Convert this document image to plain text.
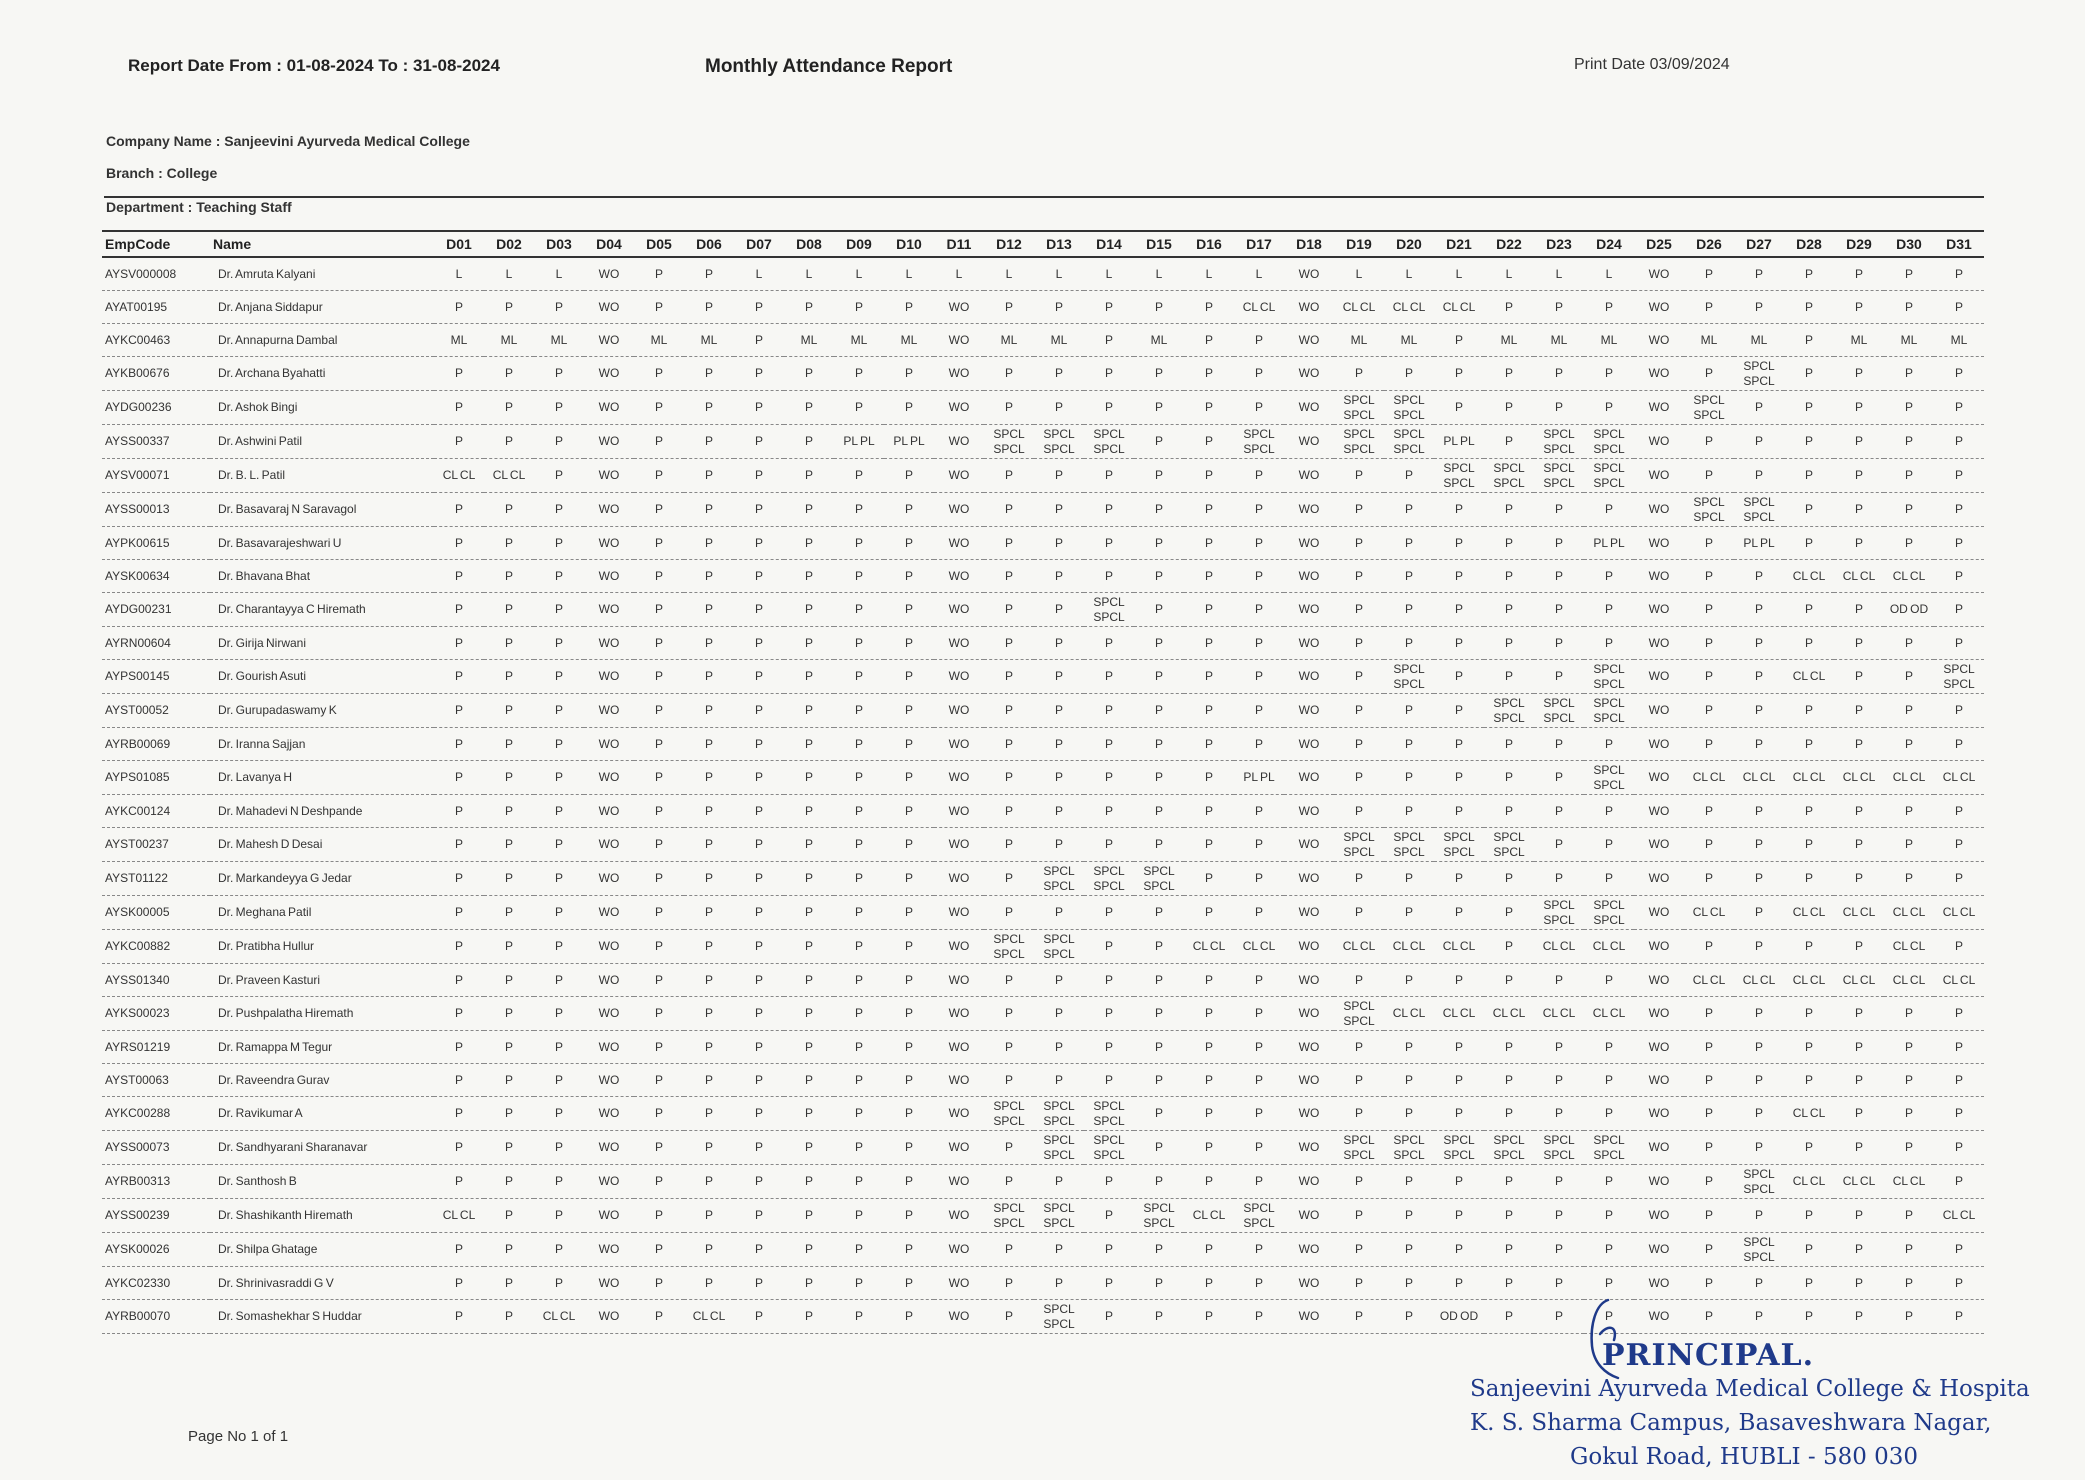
Report Date From : 01-08-2024 To : 31-08-2024	Monthly Attendance Report	Print Date 03/09/2024
Company Name : Sanjeevini Ayurveda Medical College
Branch : College
Department : Teaching Staff
EmpCode	Name	D01	D02	D03	D04	D05	D06	D07	D08	D09	D10	D11	D12	D13	D14	D15	D16	D17	D18	D19	D20	D21	D22	D23	D24	D25	D26	D27	D28	D29	D30	D31
AYSV000008	Dr. Amruta Kalyani	L	L	L	WO	P	P	L	L	L	L	L	L	L	L	L	L	L	WO	L	L	L	L	L	L	WO	P	P	P	P	P	P
AYAT00195	Dr. Anjana Siddapur	P	P	P	WO	P	P	P	P	P	P	WO	P	P	P	P	P	CL CL	WO	CL CL	CL CL	CL CL	P	P	P	WO	P	P	P	P	P	P
AYKC00463	Dr. Annapurna Dambal	ML	ML	ML	WO	ML	ML	P	ML	ML	ML	WO	ML	ML	P	ML	P	P	WO	ML	ML	P	ML	ML	ML	WO	ML	ML	P	ML	ML	ML
AYKB00676	Dr. Archana Byahatti	P	P	P	WO	P	P	P	P	P	P	WO	P	P	P	P	P	P	WO	P	P	P	P	P	P	WO	P	SPCL SPCL	P	P	P	P
AYDG00236	Dr. Ashok Bingi	P	P	P	WO	P	P	P	P	P	P	WO	P	P	P	P	P	P	WO	SPCL SPCL	SPCL SPCL	P	P	P	P	WO	SPCL SPCL	P	P	P	P	P
AYSS00337	Dr. Ashwini Patil	P	P	P	WO	P	P	P	P	PL PL	PL PL	WO	SPCL SPCL	SPCL SPCL	SPCL SPCL	P	P	SPCL SPCL	WO	SPCL SPCL	SPCL SPCL	PL PL	P	SPCL SPCL	SPCL SPCL	WO	P	P	P	P	P	P
AYSV00071	Dr. B. L. Patil	CL CL	CL CL	P	WO	P	P	P	P	P	P	WO	P	P	P	P	P	P	WO	P	P	SPCL SPCL	SPCL SPCL	SPCL SPCL	SPCL SPCL	WO	P	P	P	P	P	P
AYSS00013	Dr. Basavaraj N Saravagol	P	P	P	WO	P	P	P	P	P	P	WO	P	P	P	P	P	P	WO	P	P	P	P	P	P	WO	SPCL SPCL	SPCL SPCL	P	P	P	P
AYPK00615	Dr. Basavarajeshwari U	P	P	P	WO	P	P	P	P	P	P	WO	P	P	P	P	P	P	WO	P	P	P	P	P	PL PL	WO	P	PL PL	P	P	P	P
AYSK00634	Dr. Bhavana Bhat	P	P	P	WO	P	P	P	P	P	P	WO	P	P	P	P	P	P	WO	P	P	P	P	P	P	WO	P	P	CL CL	CL CL	CL CL	P
AYDG00231	Dr. Charantayya C Hiremath	P	P	P	WO	P	P	P	P	P	P	WO	P	P	SPCL SPCL	P	P	P	WO	P	P	P	P	P	P	WO	P	P	P	P	OD OD	P
AYRN00604	Dr. Girija Nirwani	P	P	P	WO	P	P	P	P	P	P	WO	P	P	P	P	P	P	WO	P	P	P	P	P	P	WO	P	P	P	P	P	P
AYPS00145	Dr. Gourish Asuti	P	P	P	WO	P	P	P	P	P	P	WO	P	P	P	P	P	P	WO	P	SPCL SPCL	P	P	P	SPCL SPCL	WO	P	P	CL CL	P	P	SPCL SPCL
AYST00052	Dr. Gurupadaswamy K	P	P	P	WO	P	P	P	P	P	P	WO	P	P	P	P	P	P	WO	P	P	P	SPCL SPCL	SPCL SPCL	SPCL SPCL	WO	P	P	P	P	P	P
AYRB00069	Dr. Iranna Sajjan	P	P	P	WO	P	P	P	P	P	P	WO	P	P	P	P	P	P	WO	P	P	P	P	P	P	WO	P	P	P	P	P	P
AYPS01085	Dr. Lavanya H	P	P	P	WO	P	P	P	P	P	P	WO	P	P	P	P	P	PL PL	WO	P	P	P	P	P	SPCL SPCL	WO	CL CL	CL CL	CL CL	CL CL	CL CL	CL CL
AYKC00124	Dr. Mahadevi N Deshpande	P	P	P	WO	P	P	P	P	P	P	WO	P	P	P	P	P	P	WO	P	P	P	P	P	P	WO	P	P	P	P	P	P
AYST00237	Dr. Mahesh D Desai	P	P	P	WO	P	P	P	P	P	P	WO	P	P	P	P	P	P	WO	SPCL SPCL	SPCL SPCL	SPCL SPCL	SPCL SPCL	P	P	WO	P	P	P	P	P	P
AYST01122	Dr. Markandeyya G Jedar	P	P	P	WO	P	P	P	P	P	P	WO	P	SPCL SPCL	SPCL SPCL	SPCL SPCL	P	P	WO	P	P	P	P	P	P	WO	P	P	P	P	P	P
AYSK00005	Dr. Meghana Patil	P	P	P	WO	P	P	P	P	P	P	WO	P	P	P	P	P	P	WO	P	P	P	P	SPCL SPCL	SPCL SPCL	WO	CL CL	P	CL CL	CL CL	CL CL	CL CL
AYKC00882	Dr. Pratibha Hullur	P	P	P	WO	P	P	P	P	P	P	WO	SPCL SPCL	SPCL SPCL	P	P	CL CL	CL CL	WO	CL CL	CL CL	CL CL	P	CL CL	CL CL	WO	P	P	P	P	CL CL	P
AYSS01340	Dr. Praveen Kasturi	P	P	P	WO	P	P	P	P	P	P	WO	P	P	P	P	P	P	WO	P	P	P	P	P	P	WO	CL CL	CL CL	CL CL	CL CL	CL CL	CL CL
AYKS00023	Dr. Pushpalatha Hiremath	P	P	P	WO	P	P	P	P	P	P	WO	P	P	P	P	P	P	WO	SPCL SPCL	CL CL	CL CL	CL CL	CL CL	CL CL	WO	P	P	P	P	P	P
AYRS01219	Dr. Ramappa M Tegur	P	P	P	WO	P	P	P	P	P	P	WO	P	P	P	P	P	P	WO	P	P	P	P	P	P	WO	P	P	P	P	P	P
AYST00063	Dr. Raveendra Gurav	P	P	P	WO	P	P	P	P	P	P	WO	P	P	P	P	P	P	WO	P	P	P	P	P	P	WO	P	P	P	P	P	P
AYKC00288	Dr. Ravikumar A	P	P	P	WO	P	P	P	P	P	P	WO	SPCL SPCL	SPCL SPCL	SPCL SPCL	P	P	P	WO	P	P	P	P	P	P	WO	P	P	CL CL	P	P	P
AYSS00073	Dr. Sandhyarani Sharanavar	P	P	P	WO	P	P	P	P	P	P	WO	P	SPCL SPCL	SPCL SPCL	P	P	P	WO	SPCL SPCL	SPCL SPCL	SPCL SPCL	SPCL SPCL	SPCL SPCL	SPCL SPCL	WO	P	P	P	P	P	P
AYRB00313	Dr. Santhosh B	P	P	P	WO	P	P	P	P	P	P	WO	P	P	P	P	P	P	WO	P	P	P	P	P	P	WO	P	SPCL SPCL	CL CL	CL CL	CL CL	P
AYSS00239	Dr. Shashikanth Hiremath	CL CL	P	P	WO	P	P	P	P	P	P	WO	SPCL SPCL	SPCL SPCL	P	SPCL SPCL	CL CL	SPCL SPCL	WO	P	P	P	P	P	P	WO	P	P	P	P	P	CL CL
AYSK00026	Dr. Shilpa Ghatage	P	P	P	WO	P	P	P	P	P	P	WO	P	P	P	P	P	P	WO	P	P	P	P	P	P	WO	P	SPCL SPCL	P	P	P	P
AYKC02330	Dr. Shrinivasraddi G V	P	P	P	WO	P	P	P	P	P	P	WO	P	P	P	P	P	P	WO	P	P	P	P	P	P	WO	P	P	P	P	P	P
AYRB00070	Dr. Somashekhar S Huddar	P	P	CL CL	WO	P	CL CL	P	P	P	P	WO	P	SPCL SPCL	P	P	P	P	WO	P	P	OD OD	P	P	P	WO	P	P	P	P	P	P
Page No 1 of 1
PRINCIPAL.
Sanjeevini Ayurveda Medical College & Hospita
K. S. Sharma Campus, Basaveshwara Nagar,
Gokul Road, HUBLI - 580 030
